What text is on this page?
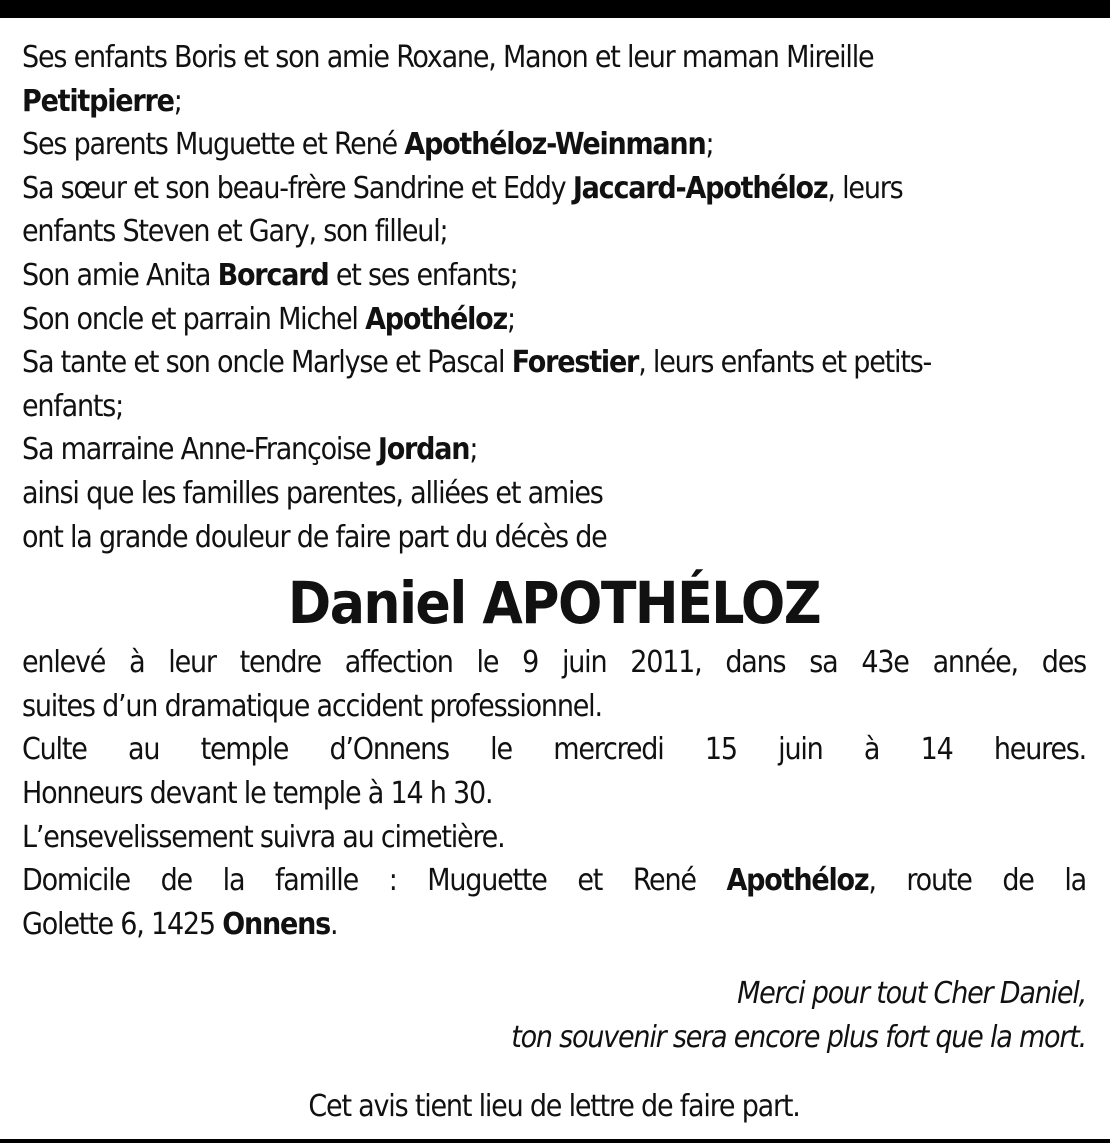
Ses enfants Boris et son amie Roxane, Manon et leur maman Mireille
Petitpierre;
Ses parents Muguette et René Apothéloz-Weinmann;
Sa sœur et son beau-frère Sandrine et Eddy Jaccard-Apothéloz, leurs
enfants Steven et Gary, son filleul;
Son amie Anita Borcard et ses enfants;
Son oncle et parrain Michel Apothéloz;
Sa tante et son oncle Marlyse et Pascal Forestier, leurs enfants et petits-
enfants;
Sa marraine Anne-Françoise Jordan;
ainsi que les familles parentes, alliées et amies
ont la grande douleur de faire part du décès de
Daniel APOTHÉLOZ
enlevé à leur tendre affection le 9 juin 2011, dans sa 43e année, des
suites d’un dramatique accident professionnel.
Culte au temple d’Onnens le mercredi 15 juin à 14 heures.
Honneurs devant le temple à 14 h 30.
L’ensevelissement suivra au cimetière.
Domicile de la famille : Muguette et René Apothéloz, route de la
Golette 6, 1425 Onnens.
Merci pour tout Cher Daniel,
ton souvenir sera encore plus fort que la mort.
Cet avis tient lieu de lettre de faire part.
